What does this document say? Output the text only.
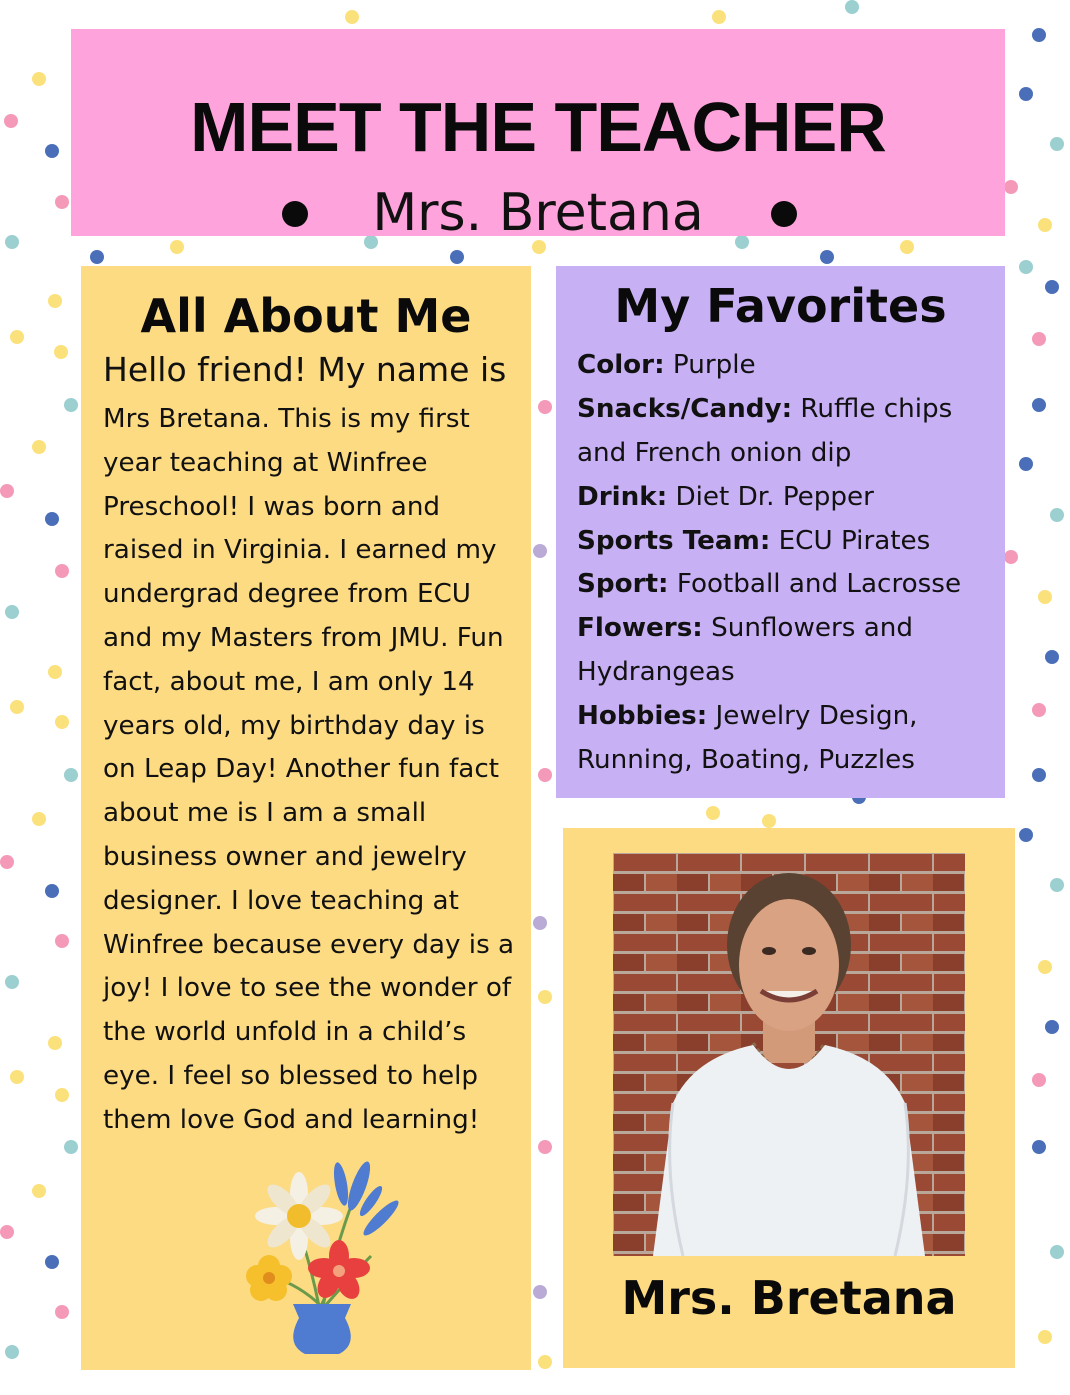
MEET THE TEACHER
Mrs. Bretana
All About Me
Hello friend! My name is

Mrs Bretana. This is my first
year teaching at Winfree
Preschool! I was born and
raised in Virginia. I earned my
undergrad degree from ECU
and my Masters from JMU. Fun
fact, about me, I am only 14
years old, my birthday day is
on Leap Day! Another fun fact
about me is I am a small
business owner and jewelry
designer. I love teaching at
Winfree because every day is a
joy! I love to see the wonder of
the world unfold in a child’s
eye. I feel so blessed to help
them love God and learning!

My Favorites
Color: Purple
Snacks/Candy: Ruffle chips
and French onion dip
Drink: Diet Dr. Pepper
Sports Team: ECU Pirates
Sport: Football and Lacrosse
Flowers: Sunflowers and
Hydrangeas
Hobbies: Jewelry Design,
Running, Boating, Puzzles
Mrs. Bretana
